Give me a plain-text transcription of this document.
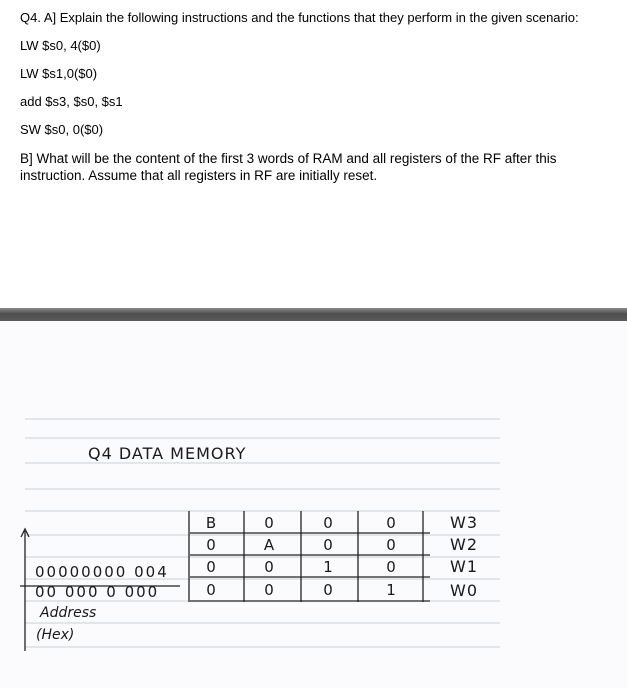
Q4. A] Explain the following instructions and the functions that they perform in the given scenario:
LW $s0, 4($0)
LW $s1,0($0)
add $s3, $s0, $s1
SW $s0, 0($0)
B] What will be the content of the first 3 words of RAM and all registers of the RF after this instruction. Assume that all registers in RF are initially reset.
Q4 DATA MEMORY
00000000 004
00 000 0 000
Address
(Hex)
B	0	0	0	W3
0	A	0	0	W2
0	0	1	0	W1
0	0	0	1	W0
